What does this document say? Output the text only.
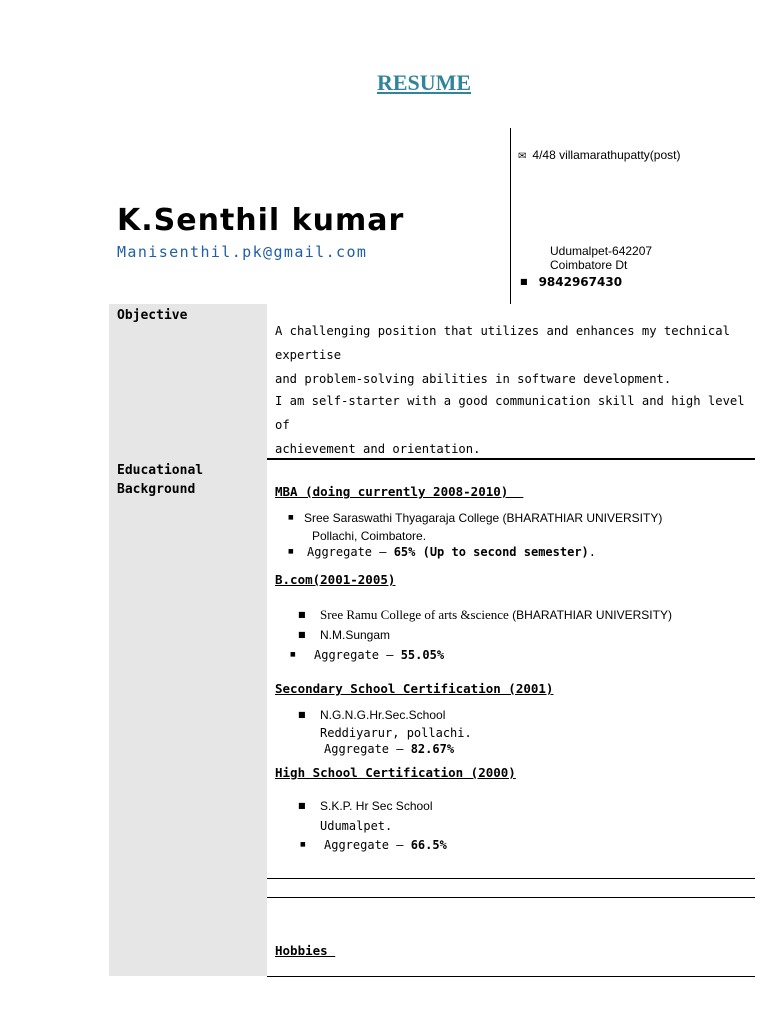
RESUME
K.Senthil kumar
Manisenthil.pk@gmail.com
✉ 4/48 villamarathupatty(post)
Udumalpet-642207
Coimbatore Dt
■ 9842967430
Objective
Educational
Background
A challenging position that utilizes and enhances my technical expertise
and problem-solving abilities in software development.
I am self-starter with a good communication skill and high level of
achievement and orientation.
MBA (doing currently 2008-2010)
■ Sree Saraswathi Thyagaraja College (BHARATHIAR UNIVERSITY)
Pollachi, Coimbatore.
■ Aggregate – 65% (Up to second semester).
B.com(2001-2005)
■ Sree Ramu College of arts &science (BHARATHIAR UNIVERSITY)
■ N.M.Sungam
■ Aggregate – 55.05%
Secondary School Certification (2001)
■ N.G.N.G.Hr.Sec.School
Reddiyarur, pollachi.
Aggregate – 82.67%
High School Certification (2000)
■ S.K.P. Hr Sec School
Udumalpet.
■ Aggregate – 66.5%
Hobbies
